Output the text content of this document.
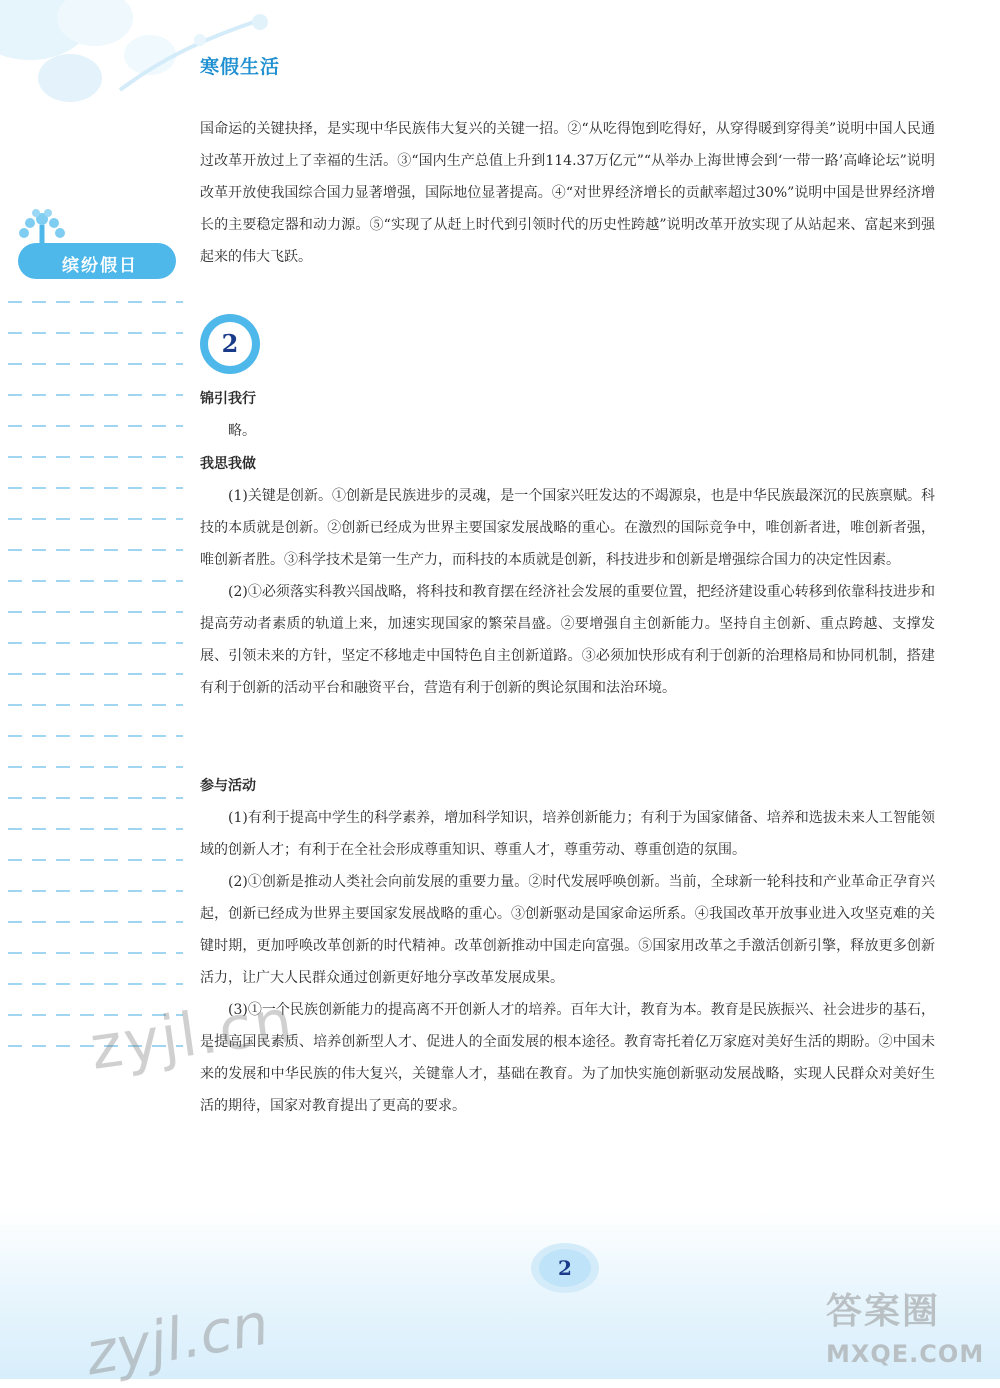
寒假生活
缤纷假日

国命运的关键抉择，是实现中华民族伟大复兴的关键一招。②“从吃得饱到吃得好，从穿得暖到穿得美”说明中国人民通过改革开放过上了幸福的生活。③“国内生产总值上升到114.37万亿元”“从举办上海世博会到‘一带一路’高峰论坛”说明改革开放使我国综合国力显著增强，国际地位显著提高。④“对世界经济增长的贡献率超过30%”说明中国是世界经济增长的主要稳定器和动力源。⑤“实现了从赶上时代到引领时代的历史性跨越”说明改革开放实现了从站起来、富起来到强起来的伟大飞跃。

2
锦引我行

略。

我思我做

(1)关键是创新。①创新是民族进步的灵魂，是一个国家兴旺发达的不竭源泉，也是中华民族最深沉的民族禀赋。科技的本质就是创新。②创新已经成为世界主要国家发展战略的重心。在激烈的国际竞争中，唯创新者进，唯创新者强，唯创新者胜。③科学技术是第一生产力，而科技的本质就是创新，科技进步和创新是增强综合国力的决定性因素。

(2)①必须落实科教兴国战略，将科技和教育摆在经济社会发展的重要位置，把经济建设重心转移到依靠科技进步和提高劳动者素质的轨道上来，加速实现国家的繁荣昌盛。②要增强自主创新能力。坚持自主创新、重点跨越、支撑发展、引领未来的方针，坚定不移地走中国特色自主创新道路。③必须加快形成有利于创新的治理格局和协同机制，搭建有利于创新的活动平台和融资平台，营造有利于创新的舆论氛围和法治环境。

参与活动

(1)有利于提高中学生的科学素养，增加科学知识，培养创新能力；有利于为国家储备、培养和选拔未来人工智能领域的创新人才；有利于在全社会形成尊重知识、尊重人才，尊重劳动、尊重创造的氛围。

(2)①创新是推动人类社会向前发展的重要力量。②时代发展呼唤创新。当前，全球新一轮科技和产业革命正孕育兴起，创新已经成为世界主要国家发展战略的重心。③创新驱动是国家命运所系。④我国改革开放事业进入攻坚克难的关键时期，更加呼唤改革创新的时代精神。改革创新推动中国走向富强。⑤国家用改革之手激活创新引擎，释放更多创新活力，让广大人民群众通过创新更好地分享改革发展成果。

(3)①一个民族创新能力的提高离不开创新人才的培养。百年大计，教育为本。教育是民族振兴、社会进步的基石，是提高国民素质、培养创新型人才、促进人的全面发展的根本途径。教育寄托着亿万家庭对美好生活的期盼。②中国未来的发展和中华民族的伟大复兴，关键靠人才，基础在教育。为了加快实施创新驱动发展战略，实现人民群众对美好生活的期待，国家对教育提出了更高的要求。

2
zyjl.cn
zyjl.cn	答案圈
MXQE.COM
